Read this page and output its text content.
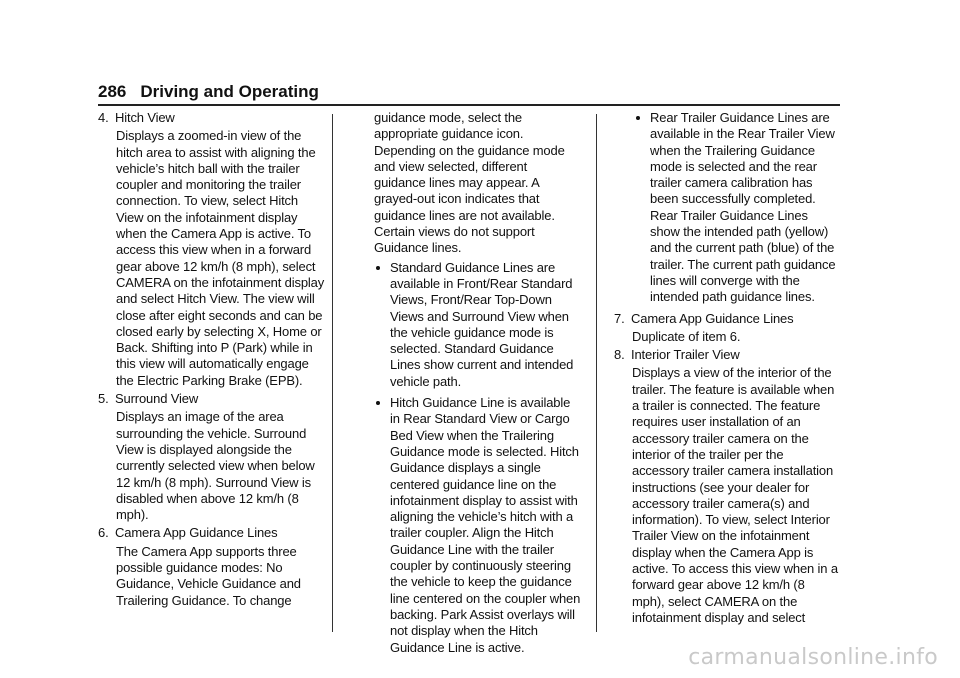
286 Driving and Operating
4. Hitch View
Displays a zoomed-in view of the hitch area to assist with aligning the vehicle’s hitch ball with the trailer coupler and monitoring the trailer connection. To view, select Hitch View on the infotainment display when the Camera App is active. To access this view when in a forward gear above 12 km/h (8 mph), select CAMERA on the infotainment display and select Hitch View. The view will close after eight seconds and can be closed early by selecting X, Home or Back. Shifting into P (Park) while in this view will automatically engage the Electric Parking Brake (EPB).
5. Surround View
Displays an image of the area surrounding the vehicle. Surround View is displayed alongside the currently selected view when below 12 km/h (8 mph). Surround View is disabled when above 12 km/h (8 mph).
6. Camera App Guidance Lines
The Camera App supports three possible guidance modes: No Guidance, Vehicle Guidance and Trailering Guidance. To change
guidance mode, select the appropriate guidance icon. Depending on the guidance mode and view selected, different guidance lines may appear. A grayed-out icon indicates that guidance lines are not available. Certain views do not support Guidance lines.
Standard Guidance Lines are available in Front/Rear Standard Views, Front/Rear Top-Down Views and Surround View when the vehicle guidance mode is selected. Standard Guidance Lines show current and intended vehicle path.
Hitch Guidance Line is available in Rear Standard View or Cargo Bed View when the Trailering Guidance mode is selected. Hitch Guidance displays a single centered guidance line on the infotainment display to assist with aligning the vehicle’s hitch with a trailer coupler. Align the Hitch Guidance Line with the trailer coupler by continuously steering the vehicle to keep the guidance line centered on the coupler when backing. Park Assist overlays will not display when the Hitch Guidance Line is active.
Rear Trailer Guidance Lines are available in the Rear Trailer View when the Trailering Guidance mode is selected and the rear trailer camera calibration has been successfully completed. Rear Trailer Guidance Lines show the intended path (yellow) and the current path (blue) of the trailer. The current path guidance lines will converge with the intended path guidance lines.
7. Camera App Guidance Lines
Duplicate of item 6.
8. Interior Trailer View
Displays a view of the interior of the trailer. The feature is available when a trailer is connected. The feature requires user installation of an accessory trailer camera on the interior of the trailer per the accessory trailer camera installation instructions (see your dealer for accessory trailer camera(s) and information). To view, select Interior Trailer View on the infotainment display when the Camera App is active. To access this view when in a forward gear above 12 km/h (8 mph), select CAMERA on the infotainment display and select
carmanualsonline.info
